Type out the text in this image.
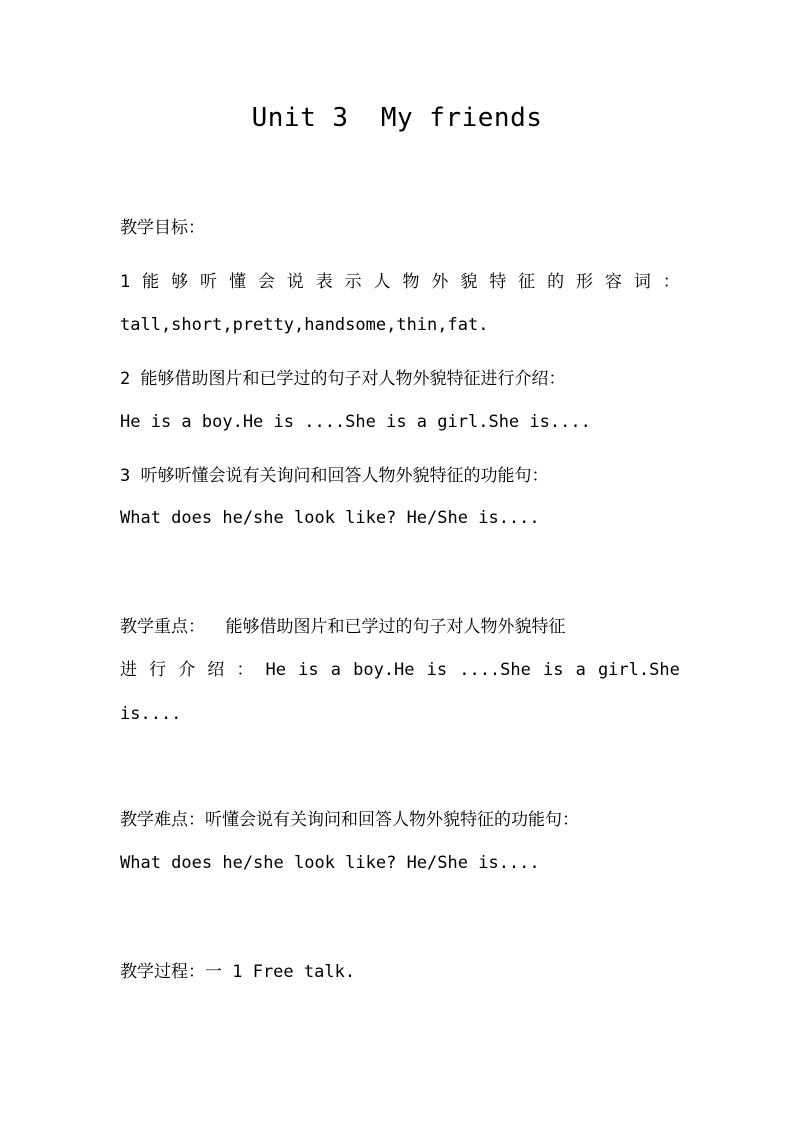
Unit 3  My friends
教学目标：
1 能 够 听 懂 会 说 表 示 人 物 外 貌 特 征 的 形 容 词 ：
tall,short,pretty,handsome,thin,fat.
2 能够借助图片和已学过的句子对人物外貌特征进行介绍：
He is a boy.He is ....She is a girl.She is....
3 听够听懂会说有关询问和回答人物外貌特征的功能句：
What does he/she look like? He/She is....
教学重点：  能够借助图片和已学过的句子对人物外貌特征
进 行 介 绍 ： He is a boy.He is ....She is a girl.She
is....
教学难点：听懂会说有关询问和回答人物外貌特征的功能句：
What does he/she look like? He/She is....
教学过程：一 1 Free talk.
